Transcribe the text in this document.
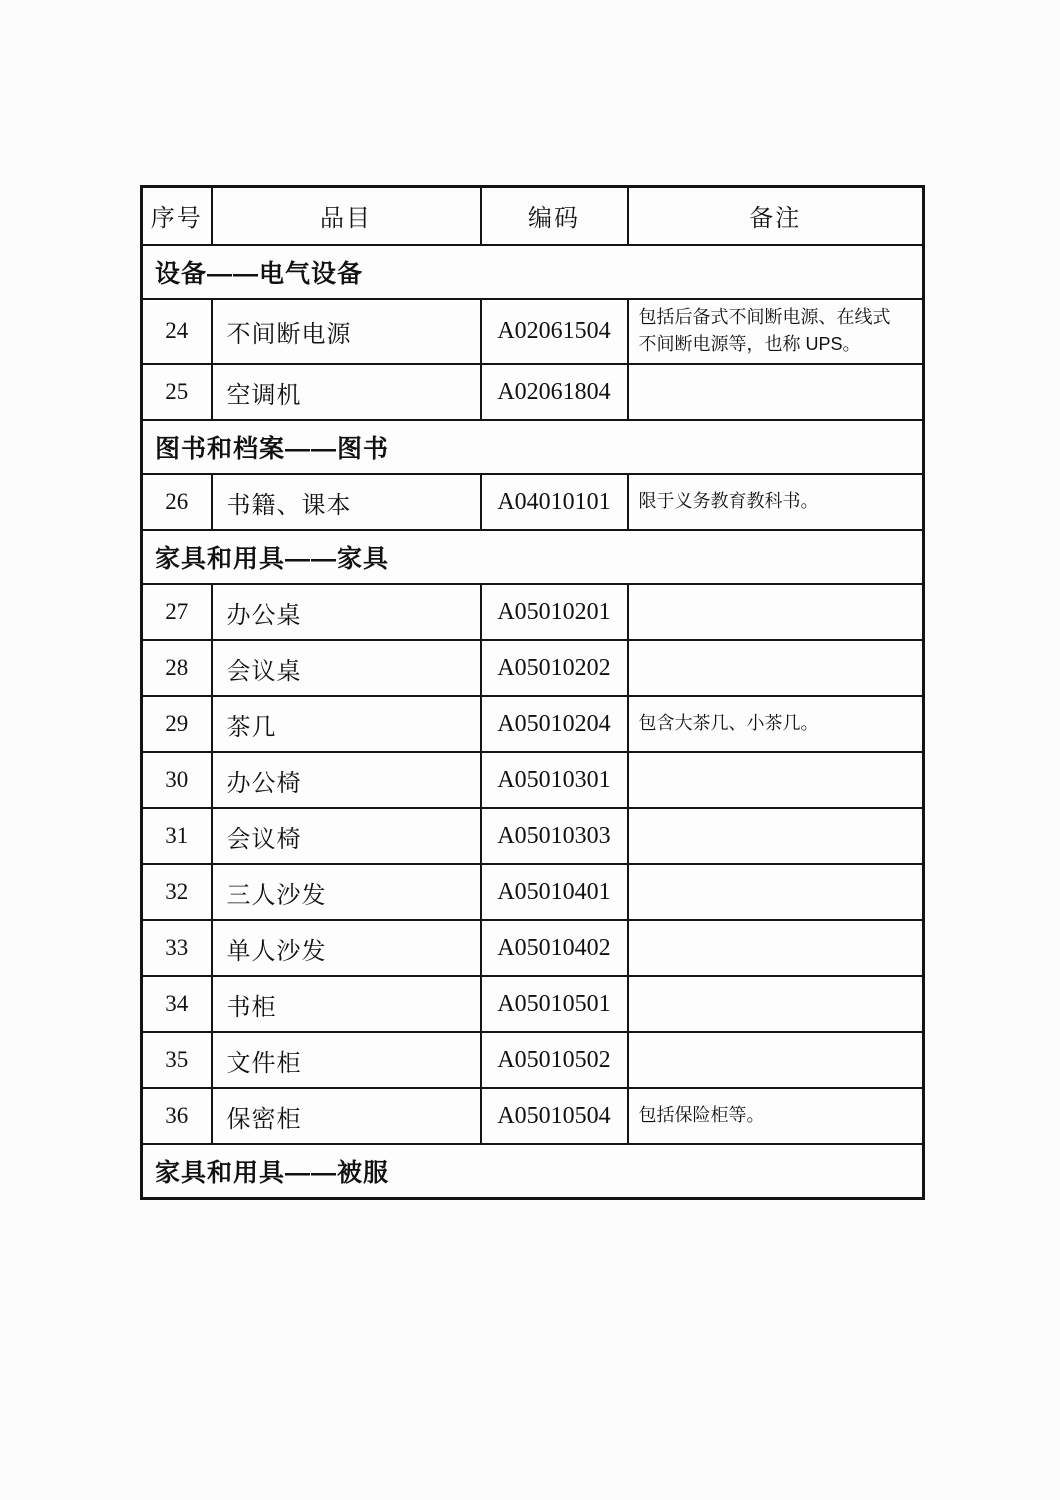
序号	品目	编码	备注
设备——电气设备			
24	不间断电源	A02061504	包括后备式不间断电源、在线式不间断电源等，也称 UPS。
25	空调机	A02061804	
图书和档案——图书			
26	书籍、课本	A04010101	限于义务教育教科书。
家具和用具——家具			
27	办公桌	A05010201	
28	会议桌	A05010202	
29	茶几	A05010204	包含大茶几、小茶几。
30	办公椅	A05010301	
31	会议椅	A05010303	
32	三人沙发	A05010401	
33	单人沙发	A05010402	
34	书柜	A05010501	
35	文件柜	A05010502	
36	保密柜	A05010504	包括保险柜等。
家具和用具——被服			
